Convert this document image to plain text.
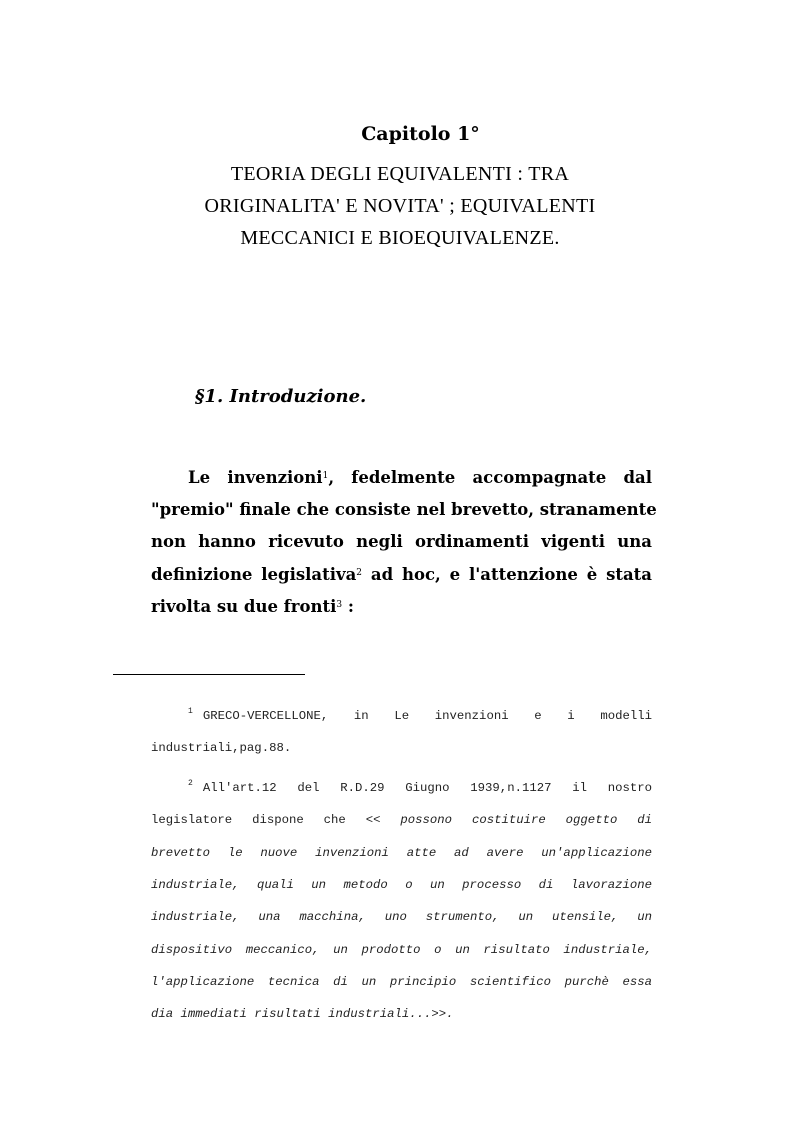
Capitolo 1°
TEORIA DEGLI EQUIVALENTI : TRA
ORIGINALITA' E NOVITA' ; EQUIVALENTI
MECCANICI E BIOEQUIVALENZE.
§1. Introduzione.
Le invenzioni$^1$, fedelmente accompagnate dal
"premio" finale che consiste nel brevetto, stranamente
non hanno ricevuto negli ordinamenti vigenti una
definizione legislativa$^2$ ad hoc, e l'attenzione è stata
rivolta su due fronti$^3$ :
$^1$ GRECO-VERCELLONE, in Le invenzioni e i modelli
industriali,pag.88.
$^2$ All'art.12 del R.D.29 Giugno 1939,n.1127 il nostro
legislatore dispone che << possono costituire oggetto di
brevetto le nuove invenzioni atte ad avere un'applicazione
industriale, quali un metodo o un processo di lavorazione
industriale, una macchina, uno strumento, un utensile, un
dispositivo meccanico, un prodotto o un risultato industriale,
l'applicazione tecnica di un principio scientifico purchè essa
dia immediati risultati industriali...>>.
